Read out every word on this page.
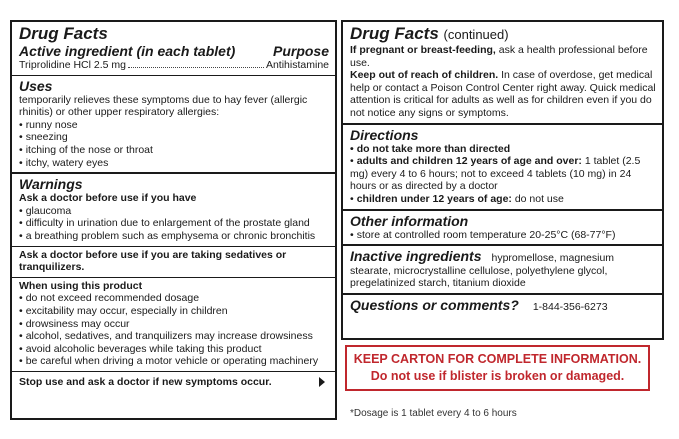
Drug Facts
Active ingredient (in each tablet)	Purpose
Triprolidine HCl 2.5 mg	Antihistamine
Uses
temporarily relieves these symptoms due to hay fever (allergic rhinitis) or other upper respiratory allergies:
• runny nose
• sneezing
• itching of the nose or throat
• itchy, watery eyes
Warnings
Ask a doctor before use if you have
• glaucoma
• difficulty in urination due to enlargement of the prostate gland
• a breathing problem such as emphysema or chronic bronchitis
Ask a doctor before use if you are taking sedatives or tranquilizers.
When using this product
• do not exceed recommended dosage
• excitability may occur, especially in children
• drowsiness may occur
• alcohol, sedatives, and tranquilizers may increase drowsiness
• avoid alcoholic beverages while taking this product
• be careful when driving a motor vehicle or operating machinery
Stop use and ask a doctor if new symptoms occur.
Drug Facts (continued)
If pregnant or breast-feeding, ask a health professional before use.
Keep out of reach of children. In case of overdose, get medical help or contact a Poison Control Center right away. Quick medical attention is critical for adults as well as for children even if you do not notice any signs or symptoms.
Directions
• do not take more than directed
• adults and children 12 years of age and over: 1 tablet (2.5 mg) every 4 to 6 hours; not to exceed 4 tablets (10 mg) in 24 hours or as directed by a doctor
• children under 12 years of age: do not use
Other information
• store at controlled room temperature 20-25°C (68-77°F)
Inactive ingredients hypromellose, magnesium
stearate, microcrystalline cellulose, polyethylene glycol, pregelatinized starch, titanium dioxide
Questions or comments? 1-844-356-6273
KEEP CARTON FOR COMPLETE INFORMATION.
Do not use if blister is broken or damaged.
*Dosage is 1 tablet every 4 to 6 hours
